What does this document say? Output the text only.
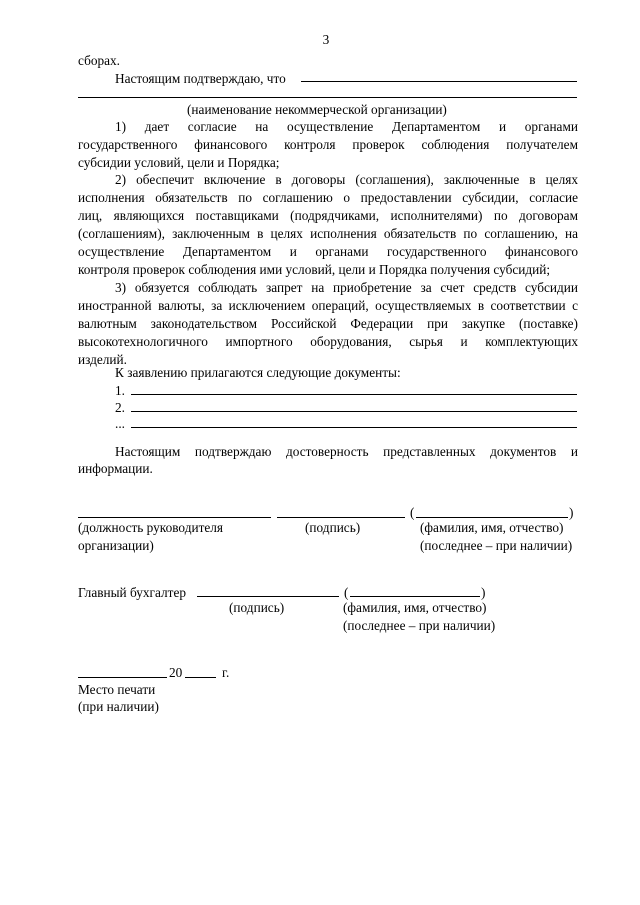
3
сборах.
Настоящим подтверждаю, что
(наименование некоммерческой организации)
1) дает согласие на осуществление Департаментом и органами
государственного финансового контроля проверок соблюдения получателем
субсидии условий, цели и Порядка;
2) обеспечит включение в договоры (соглашения), заключенные в целях
исполнения обязательств по соглашению о предоставлении субсидии, согласие
лиц, являющихся поставщиками (подрядчиками, исполнителями) по договорам
(соглашениям), заключенным в целях исполнения обязательств по соглашению, на
осуществление Департаментом и органами государственного финансового
контроля проверок соблюдения ими условий, цели и Порядка получения субсидий;
3) обязуется соблюдать запрет на приобретение за счет средств субсидии
иностранной валюты, за исключением операций, осуществляемых в соответствии с
валютным законодательством Российской Федерации при закупке (поставке)
высокотехнологичного импортного оборудования, сырья и комплектующих
изделий.
К заявлению прилагаются следующие документы:
1.
2.
...
Настоящим подтверждаю достоверность представленных документов и
информации.
(	)
(должность руководителя
организации)
(подпись)	(фамилия, имя, отчество)
(последнее – при наличии)
Главный бухгалтер	(	)
(подпись)	(фамилия, имя, отчество)
(последнее – при наличии)
20	г.
Место печати
(при наличии)
